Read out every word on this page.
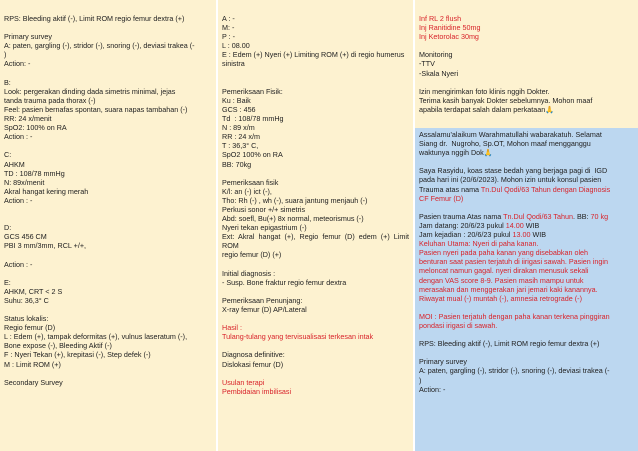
RPS: Bleeding aktif (-), Limit ROM regio femur dextra (+)
Primary survey
A: paten, gargling (-), stridor (-), snoring (-), deviasi trakea (-
)
Action: -
B:
Look: pergerakan dinding dada simetris minimal, jejas
tanda trauma pada thorax (-)
Feel: pasien bernafas spontan, suara napas tambahan (-)
RR: 24 x/menit
SpO2: 100% on RA
Action : -
C:
AHKM
TD : 108/78 mmHg
N: 89x/menit
Akral hangat kering merah
Action : -
D:
GCS 456 CM
PBI 3 mm/3mm, RCL +/+,
Action : -
E:
AHKM, CRT < 2 S
Suhu: 36,3° C
Status lokalis:
Regio femur (D)
L : Edem (+), tampak deformitas (+), vulnus laseratum (-),
Bone expose (-), Bleeding Aktif (-)
F : Nyeri Tekan (+), krepitasi (-), Step defek (-)
M : Limit ROM (+)
Secondary Survey
A : -
M: -
P : -
L : 08.00
E : Edem (+) Nyeri (+) Limiting ROM (+) di regio humerus
sinistra
Pemeriksaan Fisik:
Ku : Baik
GCS : 456
Td  : 108/78 mmHg
N : 89 x/m
RR : 24 x/m
T : 36,3° C,
SpO2 100% on RA
BB: 70kg
Pemeriksaan fisik
K/l: an (-) ict (-),
Tho: Rh (-) , wh (-), suara jantung menjauh (-)
Perkusi sonor +/+ simetris
Abd: soefl, Bu(+) 8x normal, meteorismus (-)
Nyeri tekan epigastrium (-)
Ext: Akral hangat (+), Regio femur (D) edem (+) Limit ROM
regio femur (D) (+)
Initial diagnosis :
- Susp. Bone fraktur regio femur dextra
Pemeriksaan Penunjang:
X-ray femur (D) AP/Lateral
Hasil :
Tulang-tulang yang tervisualisasi terkesan intak
Diagnosa definitive:
Dislokasi femur (D)
Usulan terapi
Pembidaian imbilisasi
Inf RL 2 flush
Inj Ranitidine 50mg
Inj Ketorolac 30mg
Monitoring
-TTV
-Skala Nyeri
Izin mengirimkan foto klinis nggih Dokter.
Terima kasih banyak Dokter sebelumnya. Mohon maaf
apabila terdapat salah dalam perkataan🙏
Assalamu'alaikum Warahmatullahi wabarakatuh. Selamat
Siang dr.  Nugroho, Sp.OT, Mohon maaf mengganggu
waktunya nggih Dok🙏
Saya Rasyidu, koas stase bedah yang berjaga pagi di  IGD
pada hari ini (20/6/2023). Mohon izin untuk konsul pasien
Trauma atas nama Tn.Dul Qodi/63 Tahun dengan Diagnosis
CF Femur (D)
Pasien trauma Atas nama Tn.Dul Qodi/63 Tahun. BB: 70 kg
Jam datang: 20/6/23 pukul 14.00 WIB
Jam kejadian : 20/6/23 pukul 13.00 WIB
Keluhan Utama: Nyeri di paha kanan.
Pasien nyeri pada paha kanan yang disebabkan oleh
benturan saat pasien terjatuh di iirigasi sawah. Pasien ingin
meloncat namun gagal. nyeri dirakan menusuk sekali
dengan VAS score 8-9. Pasien masih mampu untuk
merasakan dan menggerakan jari jemari kaki kanannya.
Riwayat mual (-) muntah (-), amnesia retrograde (-)
MOI : Pasien terjatuh dengan paha kanan terkena pinggiran
pondasi irigasi di sawah.
RPS: Bleeding aktif (-), Limit ROM regio femur dextra (+)
Primary survey
A: paten, gargling (-), stridor (-), snoring (-), deviasi trakea (-
)
Action: -
